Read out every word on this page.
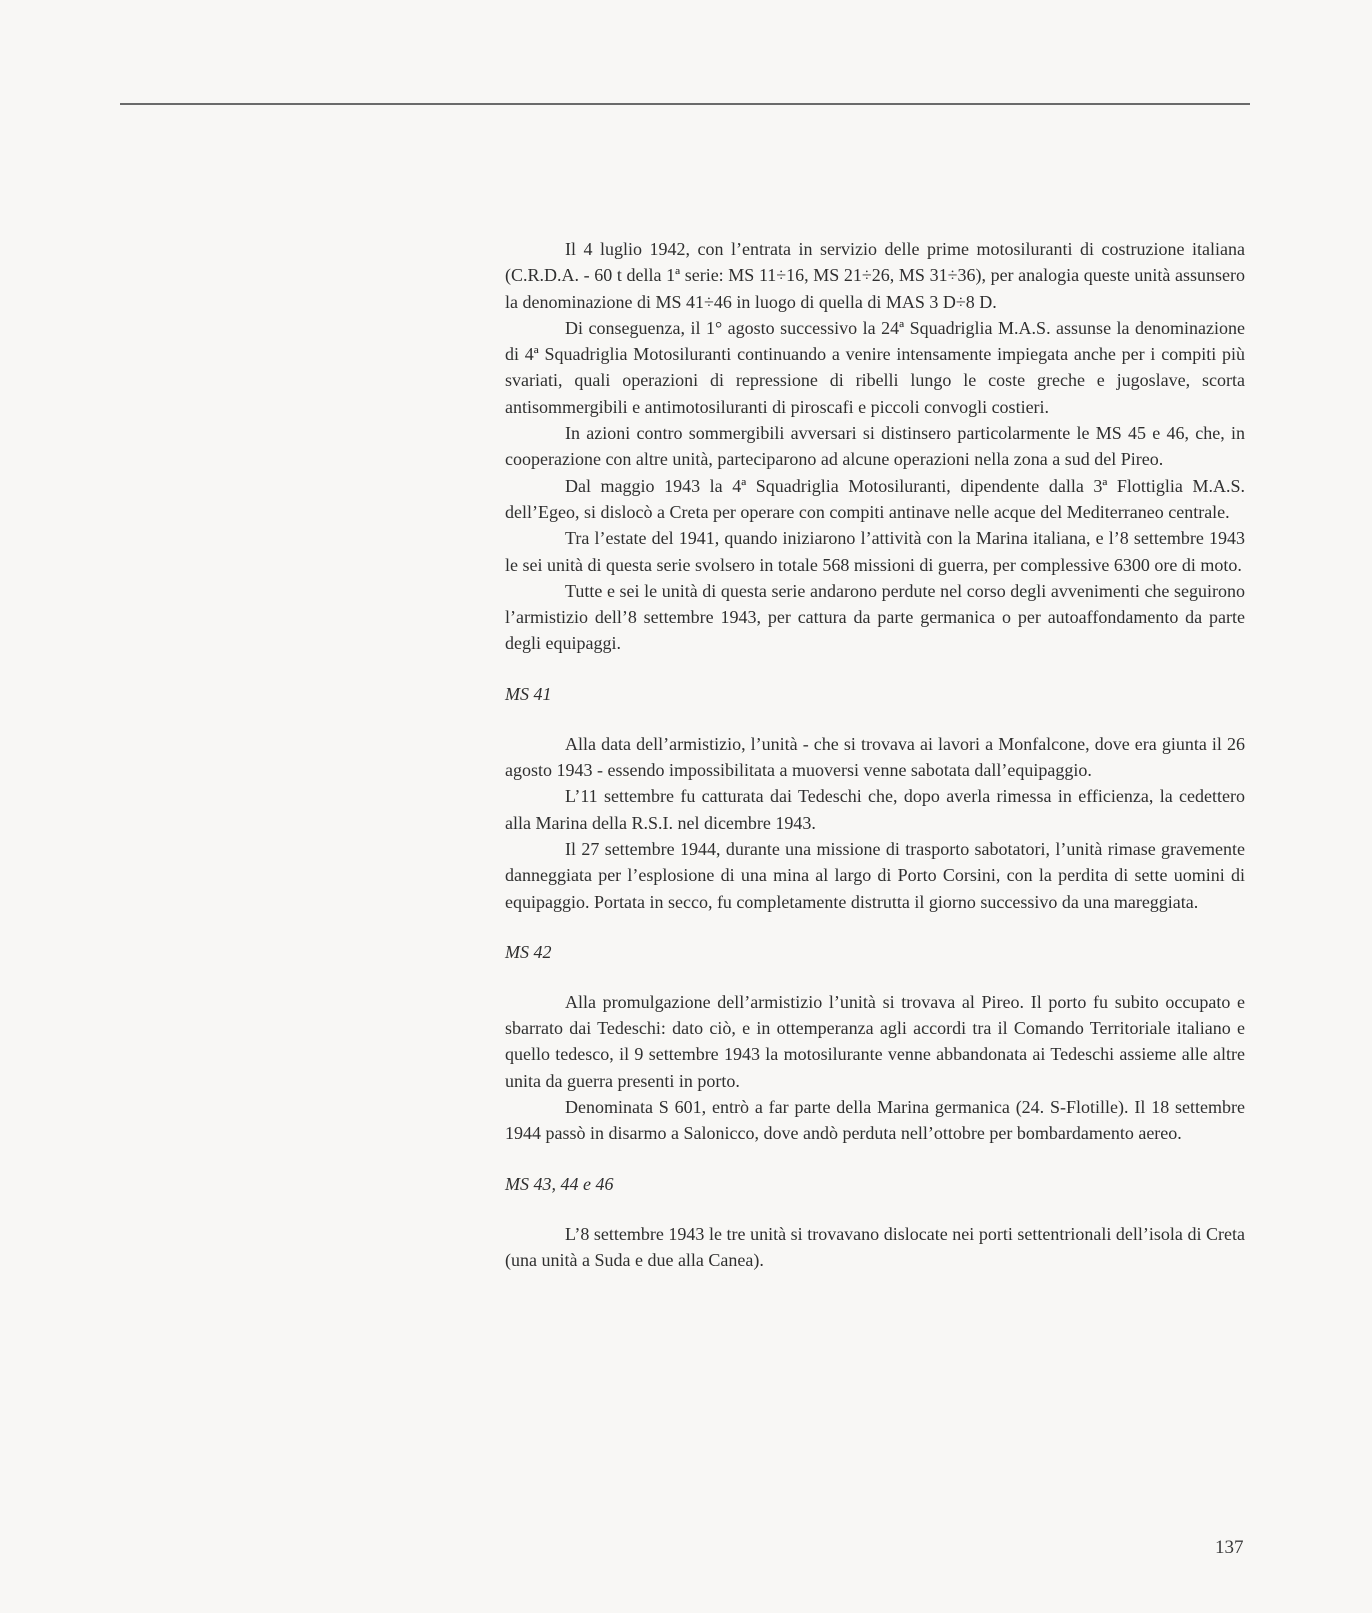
Il 4 luglio 1942, con l’entrata in servizio delle prime motosiluranti di costruzione italiana (C.R.D.A. - 60 t della 1ª serie: MS 11÷16, MS 21÷26, MS 31÷36), per analogia queste unità assunsero la denominazione di MS 41÷46 in luogo di quella di MAS 3 D÷8 D.

Di conseguenza, il 1° agosto successivo la 24ª Squadriglia M.A.S. assunse la denominazione di 4ª Squadriglia Motosiluranti continuando a venire intensamente impiegata anche per i compiti più svariati, quali operazioni di repressione di ribelli lungo le coste greche e jugoslave, scorta antisommergibili e antimotosiluranti di piroscafi e piccoli convogli costieri.

In azioni contro sommergibili avversari si distinsero particolarmente le MS 45 e 46, che, in cooperazione con altre unità, parteciparono ad alcune operazioni nella zona a sud del Pireo.

Dal maggio 1943 la 4ª Squadriglia Motosiluranti, dipendente dalla 3ª Flottiglia M.A.S. dell’Egeo, si dislocò a Creta per operare con compiti antinave nelle acque del Mediterraneo centrale.

Tra l’estate del 1941, quando iniziarono l’attività con la Marina italiana, e l’8 settembre 1943 le sei unità di questa serie svolsero in totale 568 missioni di guerra, per complessive 6300 ore di moto.

Tutte e sei le unità di questa serie andarono perdute nel corso degli avvenimenti che seguirono l’armistizio dell’8 settembre 1943, per cattura da parte germanica o per autoaffondamento da parte degli equipaggi.

MS 41

Alla data dell’armistizio, l’unità - che si trovava ai lavori a Monfalcone, dove era giunta il 26 agosto 1943 - essendo impossibilitata a muoversi venne sabotata dall’equipaggio.

L’11 settembre fu catturata dai Tedeschi che, dopo averla rimessa in efficienza, la cedettero alla Marina della R.S.I. nel dicembre 1943.

Il 27 settembre 1944, durante una missione di trasporto sabotatori, l’unità rimase gravemente danneggiata per l’esplosione di una mina al largo di Porto Corsini, con la perdita di sette uomini di equipaggio. Portata in secco, fu completamente distrutta il giorno successivo da una mareggiata.

MS 42

Alla promulgazione dell’armistizio l’unità si trovava al Pireo. Il porto fu subito occupato e sbarrato dai Tedeschi: dato ciò, e in ottemperanza agli accordi tra il Comando Territoriale italiano e quello tedesco, il 9 settembre 1943 la motosilurante venne abbandonata ai Tedeschi assieme alle altre unita da guerra presenti in porto.

Denominata S 601, entrò a far parte della Marina germanica (24. S-Flotille). Il 18 settembre 1944 passò in disarmo a Salonicco, dove andò perduta nell’ottobre per bombardamento aereo.

MS 43, 44 e 46

L’8 settembre 1943 le tre unità si trovavano dislocate nei porti settentrionali dell’isola di Creta (una unità a Suda e due alla Canea).

137
